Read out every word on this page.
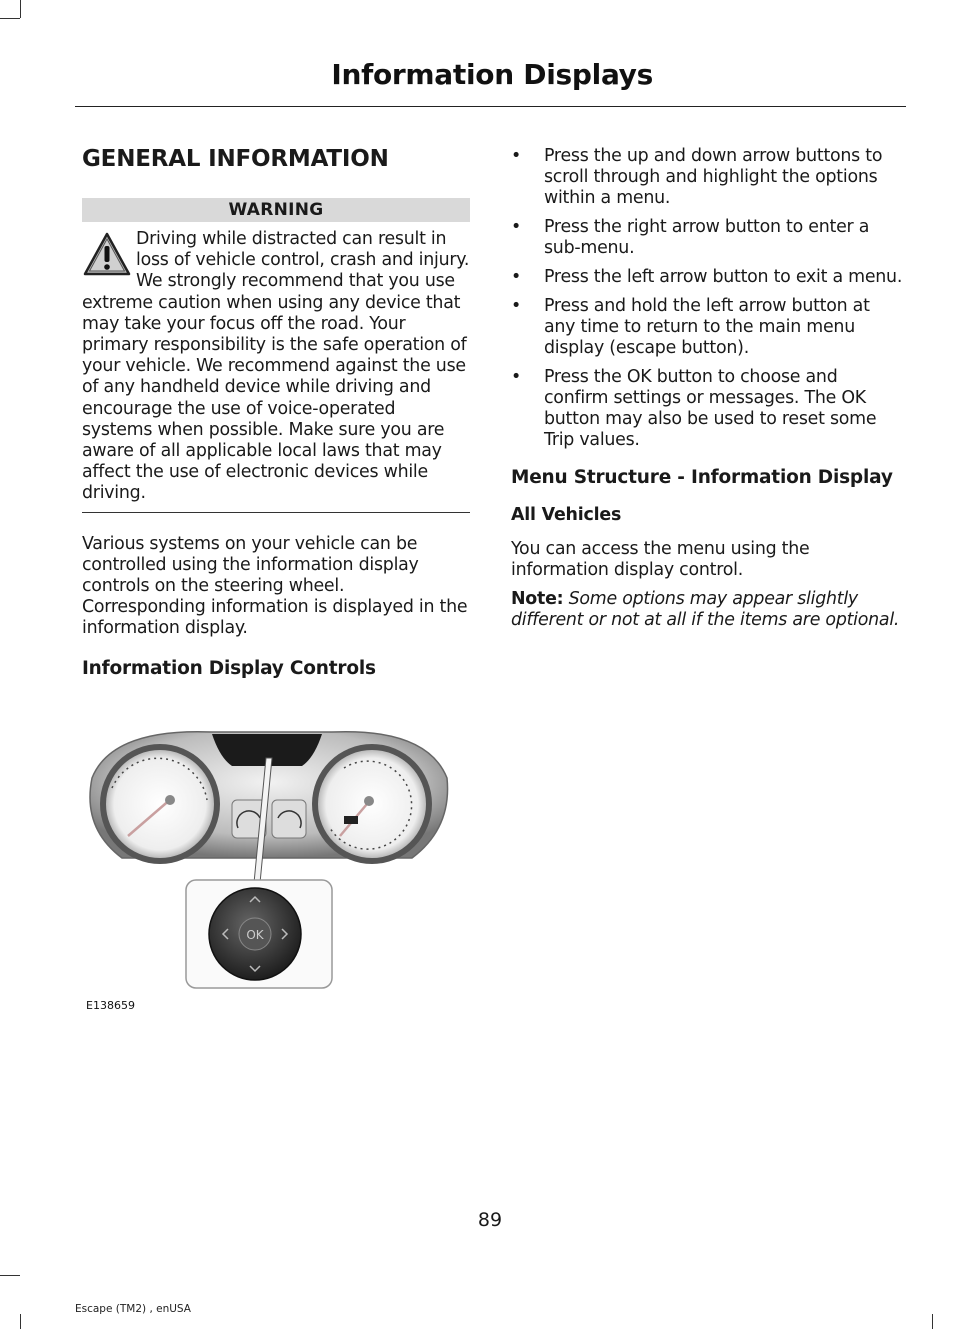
Information Displays
GENERAL INFORMATION
WARNING
Driving while distracted can result in loss of vehicle control, crash and injury. We strongly recommend that you use extreme caution when using any device that may take your focus off the road. Your primary responsibility is the safe operation of your vehicle. We recommend against the use of any handheld device while driving and encourage the use of voice-operated systems when possible. Make sure you are aware of all applicable local laws that may affect the use of electronic devices while driving.

Various systems on your vehicle can be controlled using the information display controls on the steering wheel. Corresponding information is displayed in the information display.

Information Display Controls

OK
E138659
• Press the up and down arrow buttons to scroll through and highlight the options within a menu.
• Press the right arrow button to enter a sub-menu.
• Press the left arrow button to exit a menu.
• Press and hold the left arrow button at any time to return to the main menu display (escape button).
• Press the OK button to choose and confirm settings or messages. The OK button may also be used to reset some Trip values.

Menu Structure - Information Display

All Vehicles

You can access the menu using the information display control.

Note: Some options may appear slightly different or not at all if the items are optional.

89
Escape (TM2) , enUSA
